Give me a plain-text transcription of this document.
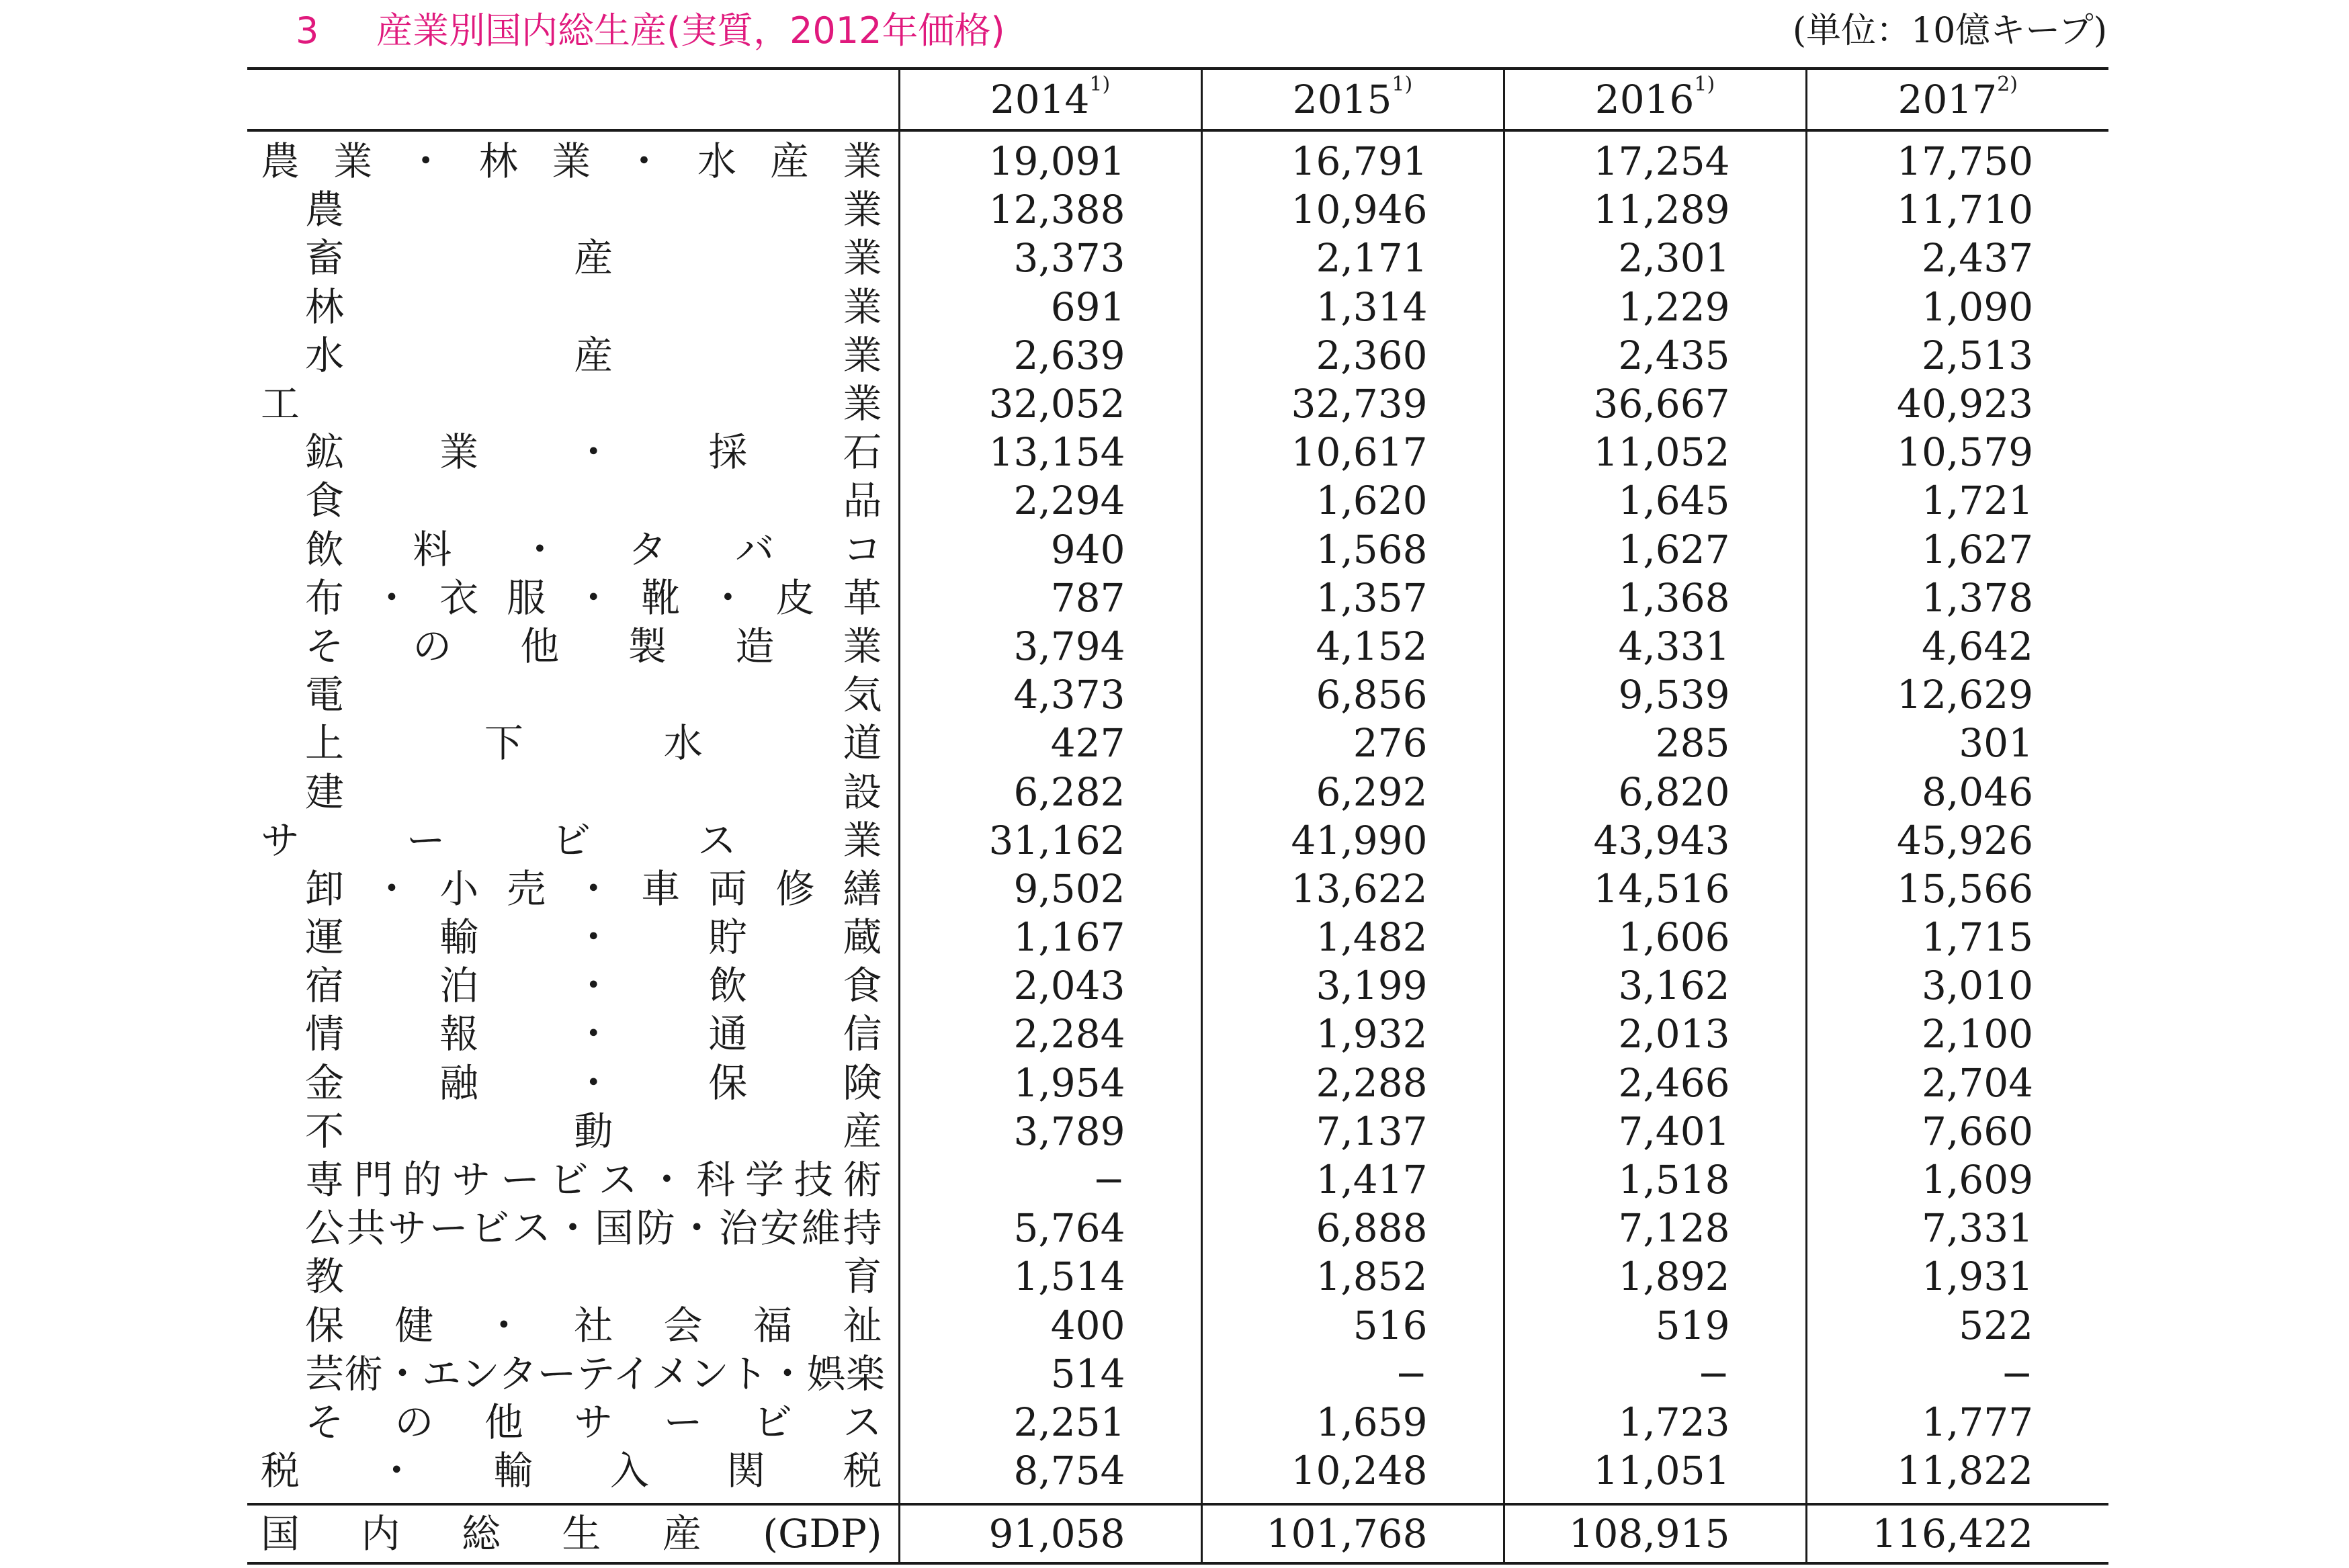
3 産業別国内総生産(実質，2012年価格)	(単位：10億キープ)
	2014$^{1)}$	2015$^{1)}$	2016$^{1)}$	2017$^{2)}$

農業・林業・水産業	19,091	16,791	17,254	17,750

農業	12,388	10,946	11,289	11,710

畜産業	3,373	2,171	2,301	2,437

林業	691	1,314	1,229	1,090

水産業	2,639	2,360	2,435	2,513

工業	32,052	32,739	36,667	40,923

鉱業・採石	13,154	10,617	11,052	10,579

食品	2,294	1,620	1,645	1,721

飲料・タバコ	940	1,568	1,627	1,627

布・衣服・靴・皮革	787	1,357	1,368	1,378

その他製造業	3,794	4,152	4,331	4,642

電気	4,373	6,856	9,539	12,629

上下水道	427	276	285	301

建設	6,282	6,292	6,820	8,046

サービス業	31,162	41,990	43,943	45,926

卸・小売・車両修繕	9,502	13,622	14,516	15,566

運輸・貯蔵	1,167	1,482	1,606	1,715

宿泊・飲食	2,043	3,199	3,162	3,010

情報・通信	2,284	1,932	2,013	2,100

金融・保険	1,954	2,288	2,466	2,704

不動産	3,789	7,137	7,401	7,660

専門的サービス・科学技術	−	1,417	1,518	1,609

公共サービス・国防・治安維持	5,764	6,888	7,128	7,331

教育	1,514	1,852	1,892	1,931

保健・社会福祉	400	516	519	522

芸術・エンターテイメント・娯楽	514	−	−	−

その他サービス	2,251	1,659	1,723	1,777

税・輸入関税	8,754	10,248	11,051	11,822

国内総生産(GDP)	91,058	101,768	108,915	116,422
